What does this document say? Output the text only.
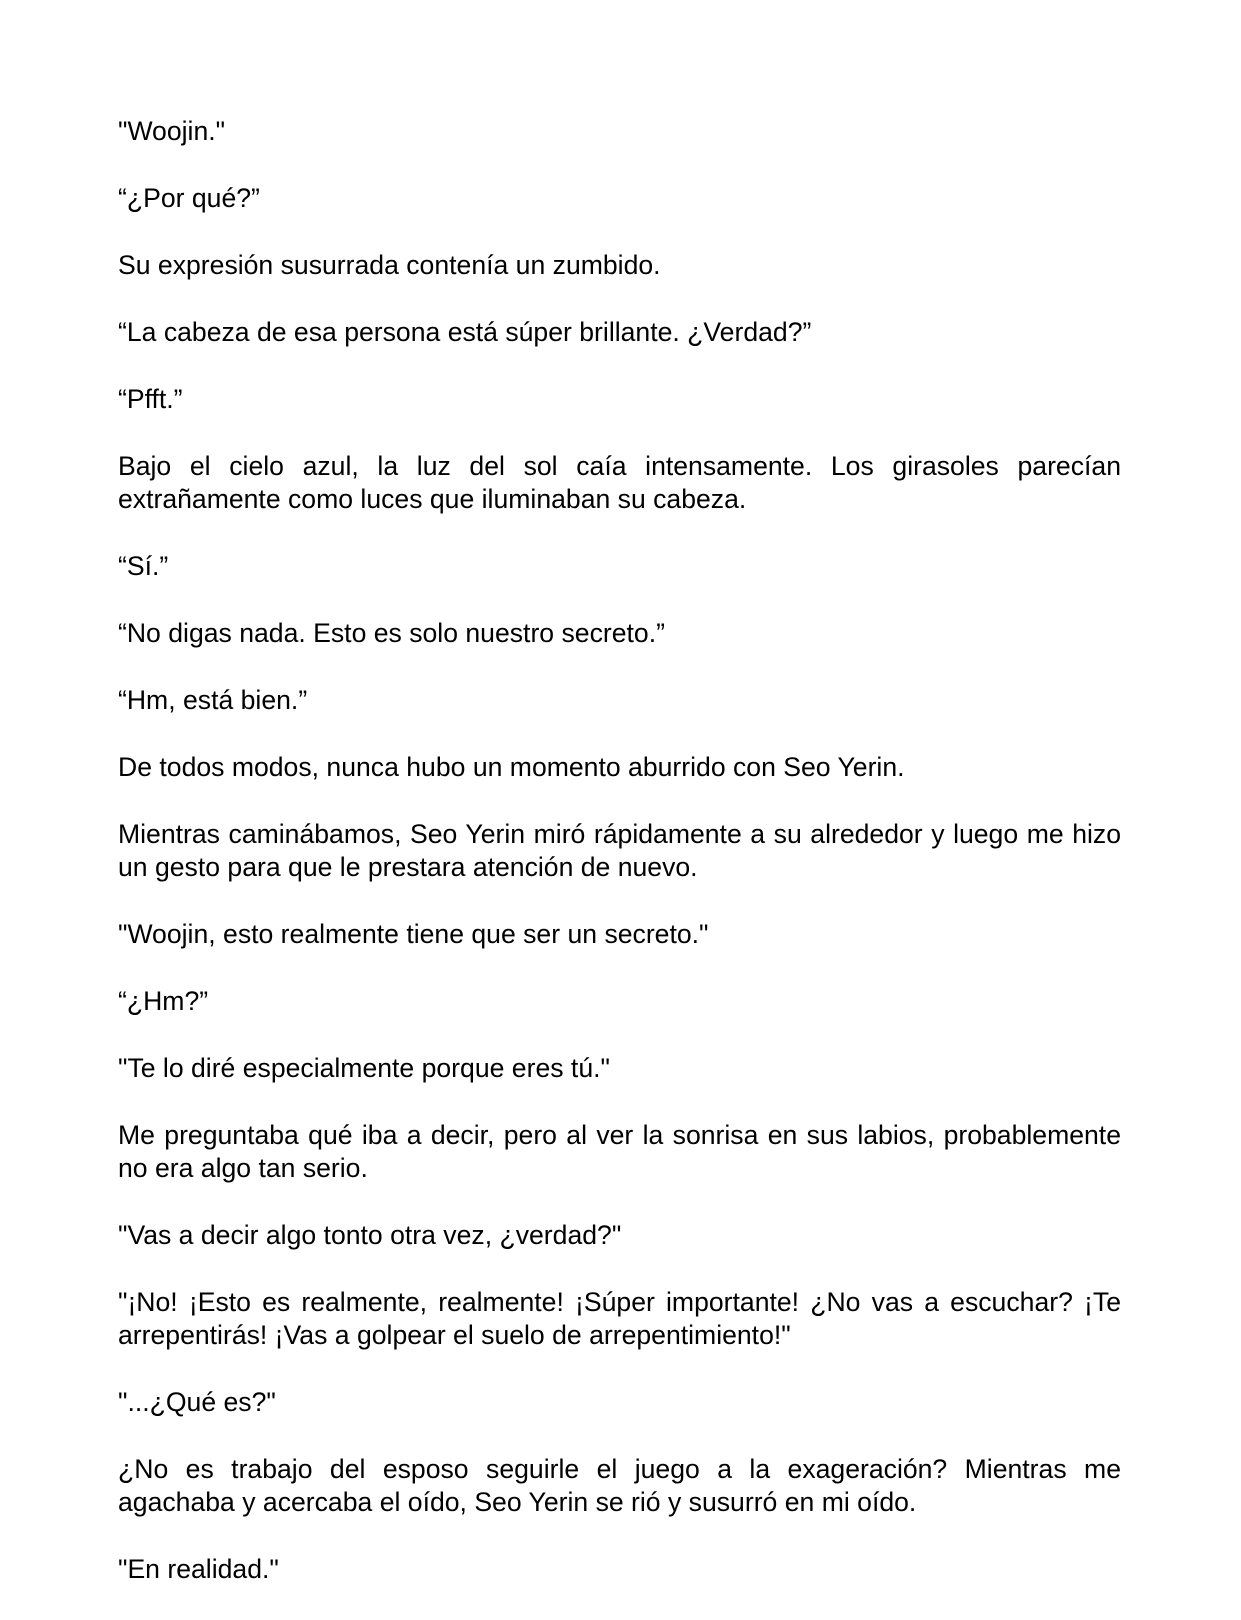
"Woojin."

“¿Por qué?”

Su expresión susurrada contenía un zumbido.

“La cabeza de esa persona está súper brillante. ¿Verdad?”

“Pfft.”

Bajo el cielo azul, la luz del sol caía intensamente. Los girasoles parecían extrañamente como luces que iluminaban su cabeza.

“Sí.”

“No digas nada. Esto es solo nuestro secreto.”

“Hm, está bien.”

De todos modos, nunca hubo un momento aburrido con Seo Yerin.

Mientras caminábamos, Seo Yerin miró rápidamente a su alrededor y luego me hizo un gesto para que le prestara atención de nuevo.

"Woojin, esto realmente tiene que ser un secreto."

“¿Hm?”

"Te lo diré especialmente porque eres tú."

Me preguntaba qué iba a decir, pero al ver la sonrisa en sus labios, probablemente no era algo tan serio.

"Vas a decir algo tonto otra vez, ¿verdad?"

"¡No! ¡Esto es realmente, realmente! ¡Súper importante! ¿No vas a escuchar? ¡Te arrepentirás! ¡Vas a golpear el suelo de arrepentimiento!"

"...¿Qué es?"

¿No es trabajo del esposo seguirle el juego a la exageración? Mientras me agachaba y acercaba el oído, Seo Yerin se rió y susurró en mi oído.

"En realidad."
